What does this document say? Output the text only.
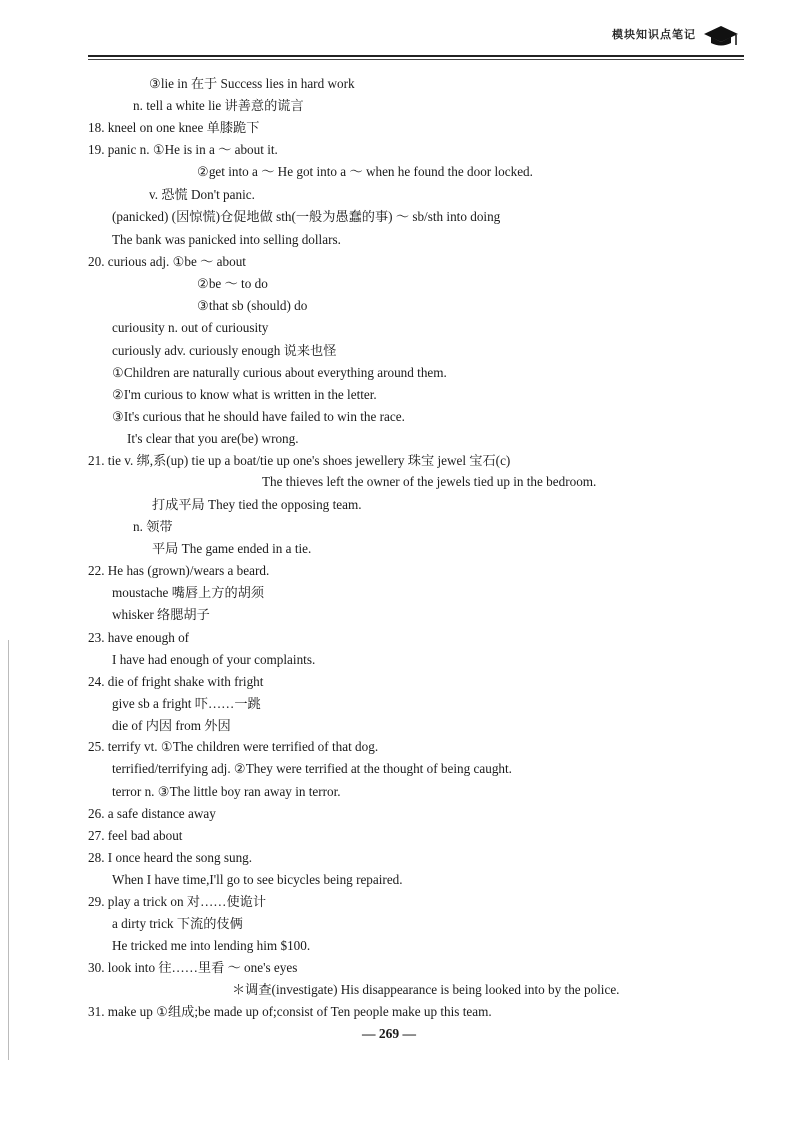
模块知识点笔记
③lie in 在于 Success lies in hard work
n. tell a white lie 讲善意的谎言
18. kneel on one knee 单膝跪下
19. panic n. ①He is in a ～ about it.
②get into a ～ He got into a ～ when he found the door locked.
v. 恐慌 Don't panic.
(panicked) (因惊慌)仓促地做 sth(一般为愚蠢的事) ～ sb/sth into doing
The bank was panicked into selling dollars.
20. curious adj. ①be ～ about
②be ～ to do
③that sb (should) do
curiousity n. out of curiousity
curiously adv. curiously enough 说来也怪
①Children are naturally curious about everything around them.
②I'm curious to know what is written in the letter.
③It's curious that he should have failed to win the race.
It's clear that you are(be) wrong.
21. tie v. 绑,系(up) tie up a boat/tie up one's shoes jewellery 珠宝 jewel 宝石(c)
The thieves left the owner of the jewels tied up in the bedroom.
打成平局 They tied the opposing team.
n. 领带
平局 The game ended in a tie.
22. He has (grown)/wears a beard.
moustache 嘴唇上方的胡须
whisker 络腮胡子
23. have enough of
I have had enough of your complaints.
24. die of fright shake with fright
give sb a fright 吓……一跳
die of 内因 from 外因
25. terrify vt. ①The children were terrified of that dog.
terrified/terrifying adj. ②They were terrified at the thought of being caught.
terror n. ③The little boy ran away in terror.
26. a safe distance away
27. feel bad about
28. I once heard the song sung.
When I have time,I'll go to see bicycles being repaired.
29. play a trick on 对……使诡计
a dirty trick 下流的伎俩
He tricked me into lending him $100.
30. look into 往……里看 ～ one's eyes
＊调查(investigate) His disappearance is being looked into by the police.
31. make up ①组成;be made up of;consist of Ten people make up this team.
— 269 —
